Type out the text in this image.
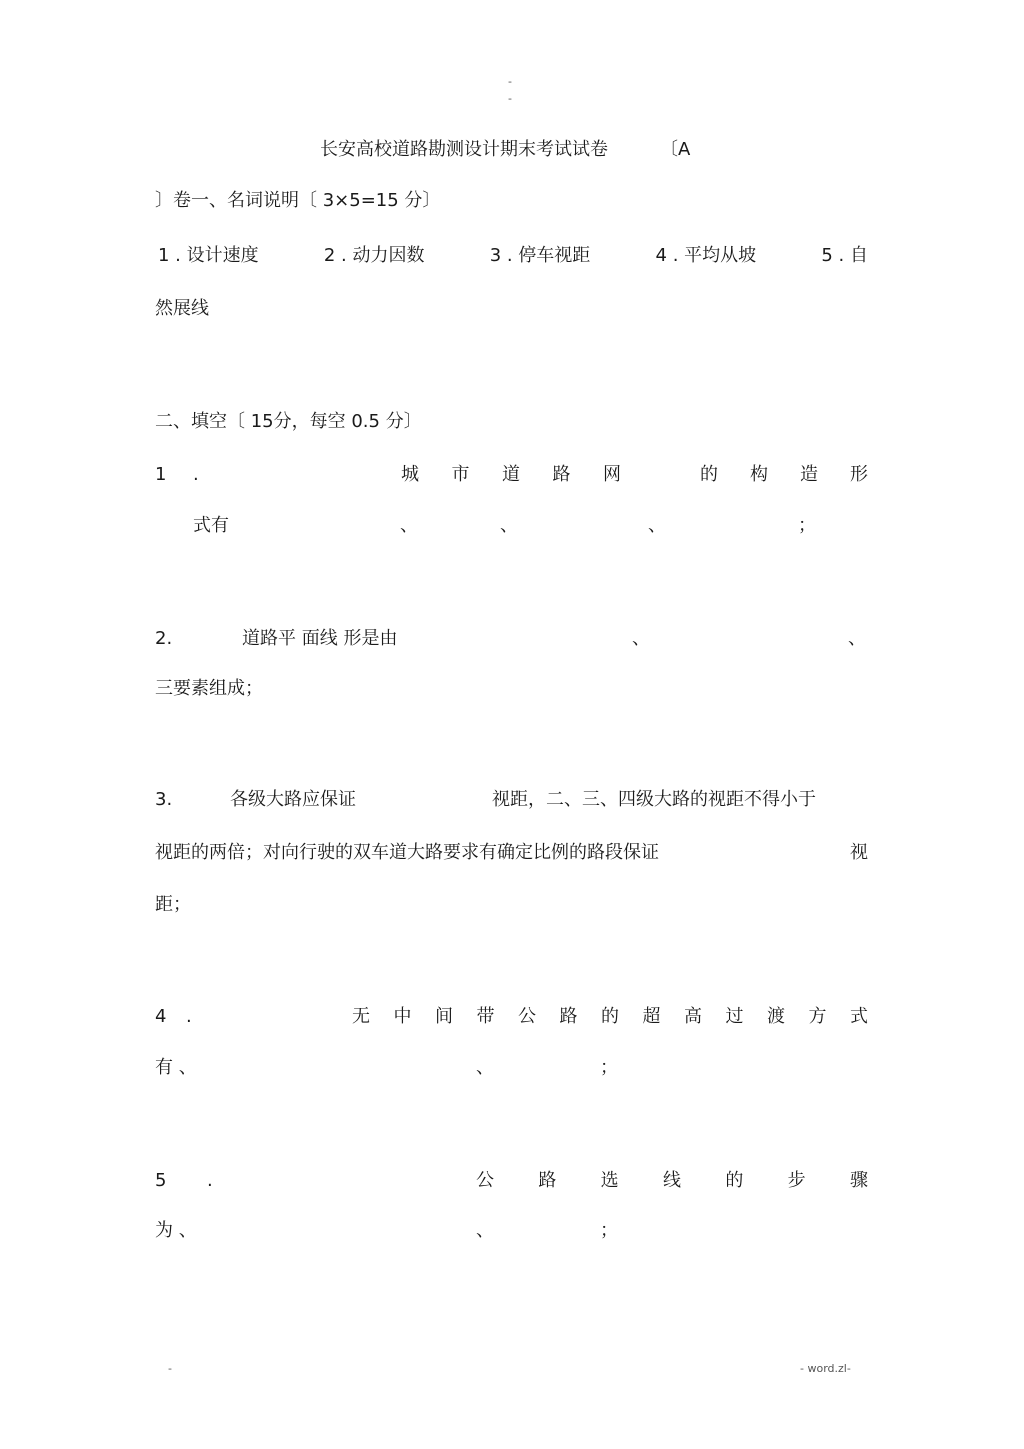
-
-
长安高校道路勘测设计期末考试试卷	〔A
〕卷一、名词说明〔 3×5=15 分〕
1 . 设计速度	2 . 动力因数	3 . 停车视距	4 . 平均从坡	5 . 自
然展线
二、填空〔 15分，每空 0.5 分〕
1 .	城 市 道 路 网	的 构 造 形
式有	、	、	、	；
2.	道路平 面线 形是由	、	、
三要素组成；
3.	各级大路应保证	视距，二、三、四级大路的视距不得小于
视距的两倍；对向行驶的双车道大路要求有确定比例的路段保证	视
距；
4 .	无 中 间 带 公 路 的 超 高 过 渡 方 式
有 、	、	；
5 .	公 路 选 线 的 步 骤
为 、	、	；
-	- word.zl-
